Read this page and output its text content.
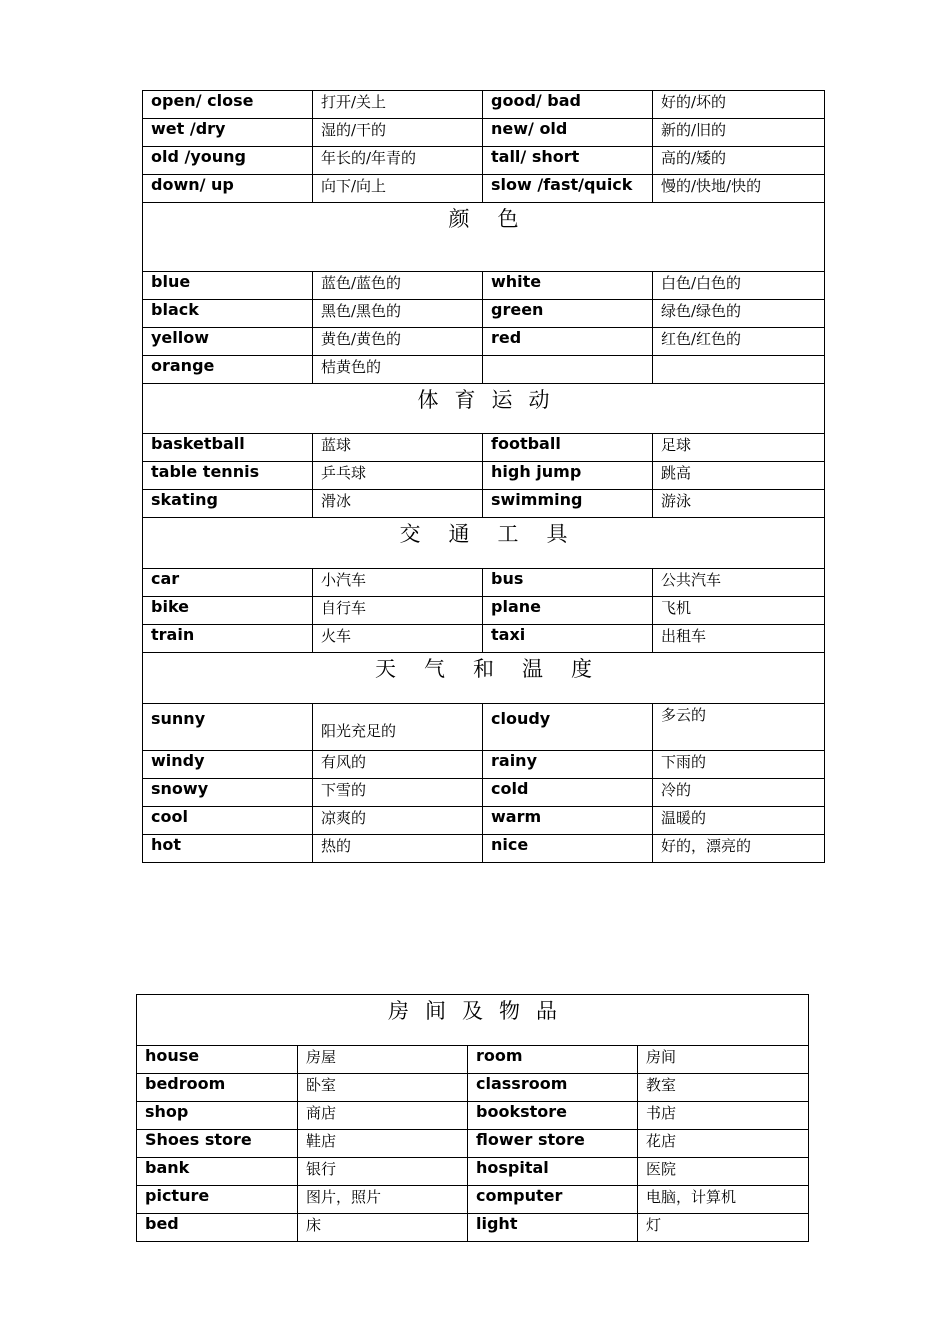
open/ close	打开/关上	good/ bad	好的/坏的
wet /dry	湿的/干的	new/ old	新的/旧的
old /young	年长的/年青的	tall/ short	高的/矮的
down/ up	向下/向上	slow /fast/quick	慢的/快地/快的
颜 色			
blue	蓝色/蓝色的	white	白色/白色的
black	黑色/黑色的	green	绿色/绿色的
yellow	黄色/黄色的	red	红色/红色的
orange	桔黄色的		
体 育 运 动			
basketball	蓝球	football	足球
table tennis	乒乓球	high jump	跳高
skating	滑冰	swimming	游泳
交 通 工 具			
car	小汽车	bus	公共汽车
bike	自行车	plane	飞机
train	火车	taxi	出租车
天 气 和 温 度			
sunny	阳光充足的	cloudy	多云的
windy	有风的	rainy	下雨的
snowy	下雪的	cold	冷的
cool	凉爽的	warm	温暖的
hot	热的	nice	好的，漂亮的
房 间 及 物 品			
house	房屋	room	房间
bedroom	卧室	classroom	教室
shop	商店	bookstore	书店
Shoes store	鞋店	flower store	花店
bank	银行	hospital	医院
picture	图片，照片	computer	电脑，计算机
bed	床	light	灯
